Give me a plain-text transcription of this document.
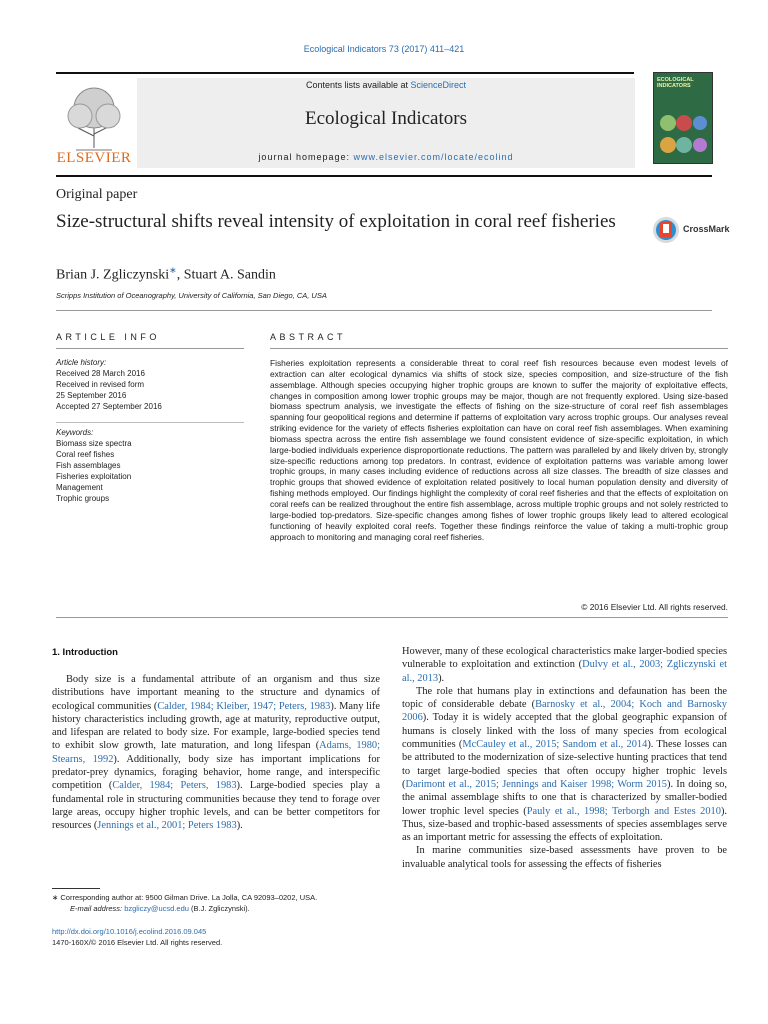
Ecological Indicators 73 (2017) 411–421
ELSEVIER
Contents lists available at ScienceDirect
Ecological Indicators
journal homepage: www.elsevier.com/locate/ecolind
ECOLOGICAL INDICATORS
Original paper
Size-structural shifts reveal intensity of exploitation in coral reef fisheries	CrossMark
Brian J. Zgliczynski∗, Stuart A. Sandin
Scripps Institution of Oceanography, University of California, San Diego, CA, USA
ARTICLE INFO	ABSTRACT
Article history:
Received 28 March 2016
Received in revised form
25 September 2016
Accepted 27 September 2016
Keywords:
Biomass size spectra
Coral reef fishes
Fish assemblages
Fisheries exploitation
Management
Trophic groups
Fisheries exploitation represents a considerable threat to coral reef fish resources because even modest levels of extraction can alter ecological dynamics via shifts of stock size, species composition, and size-structure of the fish assemblage. Although species occupying higher trophic groups are known to suffer the majority of exploitative effects, changes in composition among lower trophic groups may be major, though are not frequently explored. Using size-based biomass spectrum analysis, we investigate the effects of fishing on the size-structure of coral reef fish assemblages spanning four geopolitical regions and determine if patterns of exploitation vary across trophic groups. Our analyses reveal striking evidence for the variety of effects fisheries exploitation can have on coral reef fish assemblages. When examining biomass spectra across the entire fish assemblage we found consistent evidence of size-specific exploitation, in which large-bodied individuals experience disproportionate reductions. The pattern was paralleled by and likely driven by, strongly size-specific reductions among top predators. In contrast, evidence of exploitation patterns was variable among lower trophic groups, in many cases including evidence of reductions across all size classes. The breadth of size classes and trophic groups that showed evidence of exploitation related positively to local human population density and diversity of fishing methods employed. Our findings highlight the complexity of coral reef fisheries and that the effects of exploitation on coral reefs can be realized throughout the entire fish assemblage, across multiple trophic groups and not solely restricted to large-bodied top-predators. Size-specific changes among fishes of lower trophic groups likely lead to altered ecological functioning of heavily exploited coral reefs. Together these findings reinforce the value of taking a multi-trophic group approach to monitoring and managing coral reef fisheries.
© 2016 Elsevier Ltd. All rights reserved.
1. Introduction

Body size is a fundamental attribute of an organism and thus size distributions have important meaning to the structure and dynamics of ecological communities (Calder, 1984; Kleiber, 1947; Peters, 1983). Many life history characteristics including growth, age at maturity, reproductive output, and lifespan are related to body size. For example, large-bodied species tend to exhibit slow growth, late maturation, and long lifespan (Adams, 1980; Stearns, 1992). Additionally, body size has important implications for predator-prey dynamics, foraging behavior, home range, and interspecific competition (Calder, 1984; Peters, 1983). Large-bodied species play a fundamental role in structuring communities because they tend to forage over large areas, occupy higher trophic levels, and can be better competitors for resources (Jennings et al., 2001; Peters 1983).

However, many of these ecological characteristics make larger-bodied species vulnerable to exploitation and extinction (Dulvy et al., 2003; Zgliczynski et al., 2013).

The role that humans play in extinctions and defaunation has been the topic of considerable debate (Barnosky et al., 2004; Koch and Barnosky 2006). Today it is widely accepted that the global geographic expansion of humans is closely linked with the loss of many species from ecological communities (McCauley et al., 2015; Sandom et al., 2014). These losses can be attributed to the modernization of size-selective hunting practices that tend to target large-bodied species that often occupy higher trophic levels (Darimont et al., 2015; Jennings and Kaiser 1998; Worm 2015). In doing so, the animal assemblage shifts to one that is characterized by smaller-bodied lower trophic level species (Pauly et al., 1998; Terborgh and Estes 2010). Thus, size-based and trophic-based assessments of species assemblages serve as an important metric for assessing the effects of exploitation.

In marine communities size-based assessments have proven to be invaluable analytical tools for assessing the effects of fisheries

∗ Corresponding author at: 9500 Gilman Drive. La Jolla, CA 92093–0202, USA.
E-mail address: bzgliczy@ucsd.edu (B.J. Zgliczynski).
http://dx.doi.org/10.1016/j.ecolind.2016.09.045
1470-160X/© 2016 Elsevier Ltd. All rights reserved.
